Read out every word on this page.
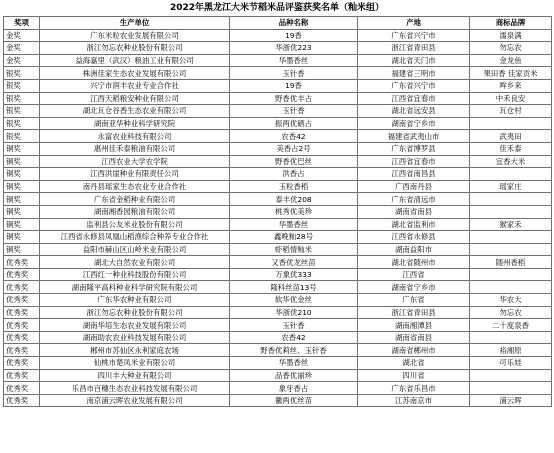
2022年黑龙江大米节稻米品评鉴获奖名单（籼米组）
奖项	生产单位	品种名称	产地	商标品牌
金奖	广东米粒农业发展有限公司	19香	广东省兴宁市	濡泉满
金奖	浙江勿忘农种业股份有限公司	华浙优223	浙江省青田县	勿忘农
金奖	益海嘉里（武汉）粮油工业有限公司	华墨香丝	湖北省天门市	金龙鱼
银奖	株洲佳家生态农业发展有限公司	玉针香	福建省三明市	果田香 佳家贡米
银奖	兴宁市润丰农业专业合作社	19香	广东省兴宁市	哞乡来
银奖	江西天稻粮安种业有限公司	野香优丰占	江西省宜春市	中禾良安
银奖	湖北瓦仓谷香生态农业有限公司	玉针香	湖北省远安县	瓦仓村
银奖	湖南亚华种业科学研究院	振两优硒占	湖南省宁乡市	
银奖	永富农业科技有限公司	农香42	福建省武夷山市	武夷田
铜奖	惠州佳禾泰粮油有限公司	美香占2号	广东省博罗县	佳禾泰
铜奖	江西农业大学农学院	野香优巴丝	江西省宜春市	宜香大米
铜奖	江西洪崖种业有限责任公司	洪香占	江西省南昌县	
铜奖	南丹县瑶家生态农业专业合作社	玉粒香稻	广西南丹县	瑶家庄
铜奖	广东省金稻种业有限公司	泰丰优208	广东省清远市	
铜奖	湖南湘香园粮油有限公司	桃秀优美珍	湖南省南县	
铜奖	监利县公友米业股份有限公司	华墨香丝	湖北省监利市	猴家禾
铜奖	江西省永修县凤凰山稻渔综合种养专业合作社	鑫晚籼28号	江西省永修县	
铜奖	益阳市赫山区山岭米业有限公司	虾稻情籼米	湖南益阳市	
优秀奖	湖北大自然农业有限公司	又香优龙丝苗	湖北省随州市	随州香稻
优秀奖	江西红一种业科技股份有限公司	万象优333	江西省	
优秀奖	湖南隆平高科种业科学研究院有限公司	隆科丝苗13号	湖南省宁乡市	
优秀奖	广东华农种业有限公司	软华优金丝	广东省	华农大
优秀奖	浙江勿忘农种业股份有限公司	华浙优210	浙江省青田县	勿忘农
优秀奖	湖南华培生态农业发展有限公司	玉针香	湖南湘潭县	二十度泉香
优秀奖	湖南助农农业科技发展有限公司	农香42	湖南省南县	
优秀奖	郴州市苏仙区永利家庭农场	野香优莉丝、玉针香	湖南省郴州市	裕湘原
优秀奖	仙桃市楚凤米业有限公司	华墨香丝	湖北省	可乐娃
优秀奖	四川丰大种业有限公司	品香优丽珍	四川省	
优秀奖	乐昌市百穗生态农业科技发展有限公司	象牙香占	广东省乐昌市	
优秀奖	南京浦云晖农业发展有限公司	黴两优丝苗	江苏南京市	浦云晖
